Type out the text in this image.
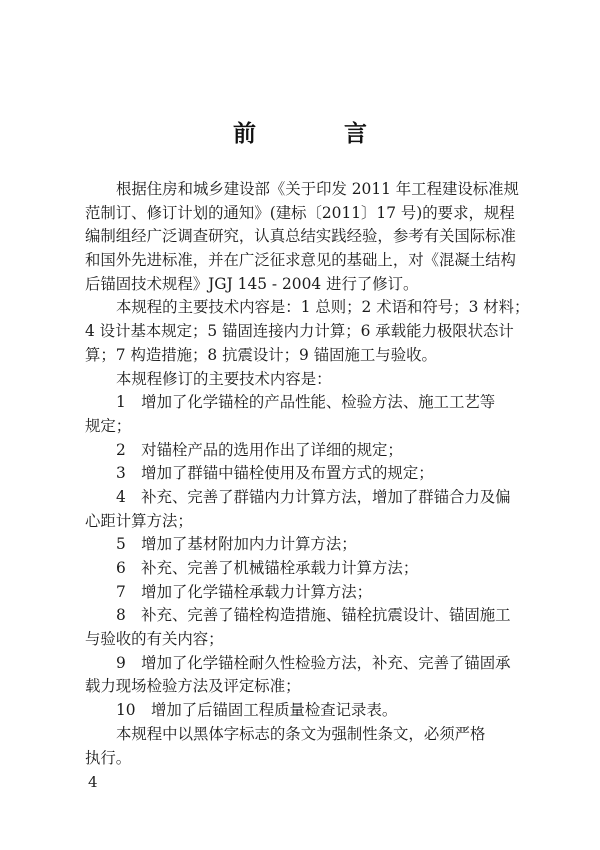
前 言
根据住房和城乡建设部《关于印发 2011 年工程建设标准规
范制订、修订计划的通知》(建标〔2011〕17 号)的要求，规程
编制组经广泛调查研究，认真总结实践经验，参考有关国际标准
和国外先进标准，并在广泛征求意见的基础上，对《混凝土结构
后锚固技术规程》JGJ 145 - 2004 进行了修订。
本规程的主要技术内容是：1 总则；2 术语和符号；3 材料；
4 设计基本规定；5 锚固连接内力计算；6 承载能力极限状态计
算；7 构造措施；8 抗震设计；9 锚固施工与验收。
本规程修订的主要技术内容是：
1　增加了化学锚栓的产品性能、检验方法、施工工艺等
规定；
2　对锚栓产品的选用作出了详细的规定；
3　增加了群锚中锚栓使用及布置方式的规定；
4　补充、完善了群锚内力计算方法，增加了群锚合力及偏
心距计算方法；
5　增加了基材附加内力计算方法；
6　补充、完善了机械锚栓承载力计算方法；
7　增加了化学锚栓承载力计算方法；
8　补充、完善了锚栓构造措施、锚栓抗震设计、锚固施工
与验收的有关内容；
9　增加了化学锚栓耐久性检验方法，补充、完善了锚固承
载力现场检验方法及评定标准；
10　增加了后锚固工程质量检查记录表。
本规程中以黑体字标志的条文为强制性条文，必须严格
执行。
4
